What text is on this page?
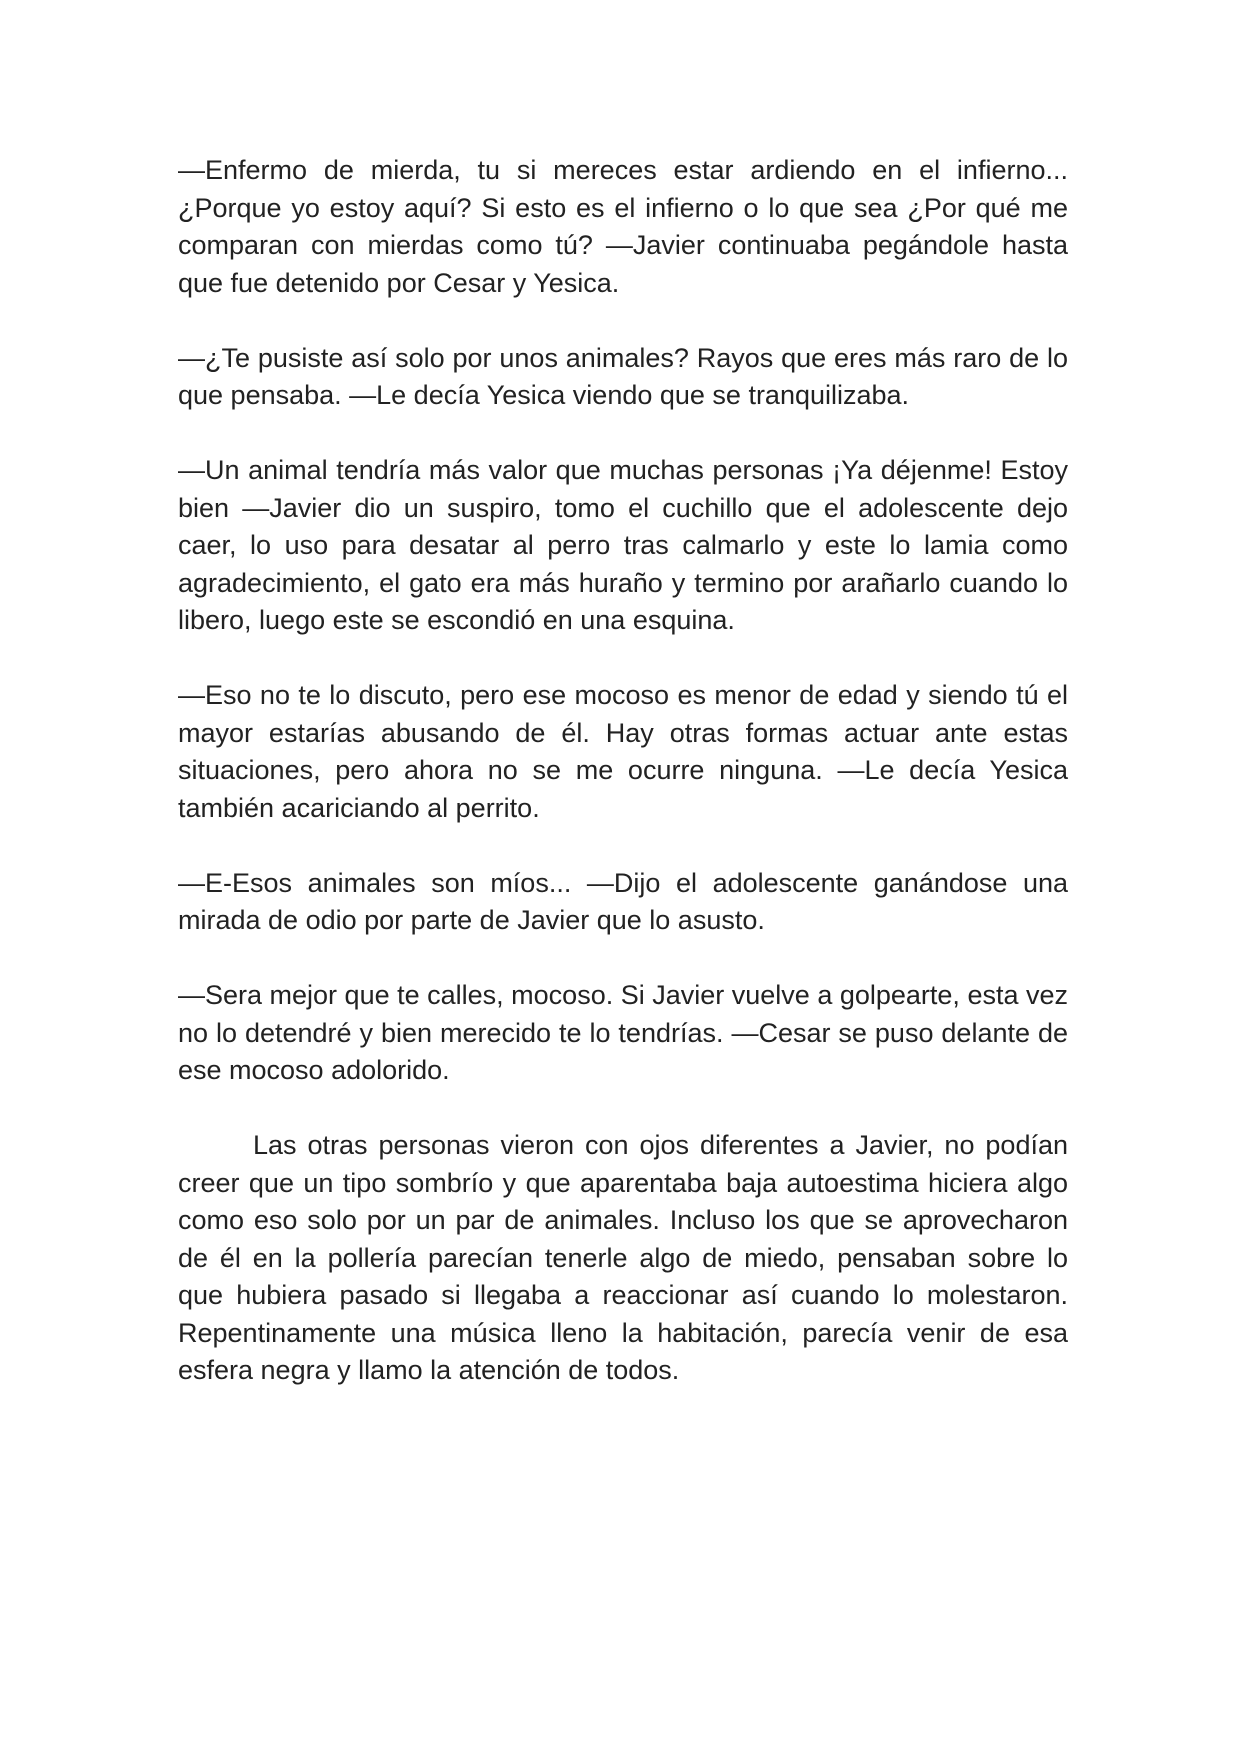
—Enfermo de mierda, tu si mereces estar ardiendo en el infierno... ¿Porque yo estoy aquí? Si esto es el infierno o lo que sea ¿Por qué me comparan con mierdas como tú? —Javier continuaba pegándole hasta que fue detenido por Cesar y Yesica.

—¿Te pusiste así solo por unos animales? Rayos que eres más raro de lo que pensaba. —Le decía Yesica viendo que se tranquilizaba.

—Un animal tendría más valor que muchas personas ¡Ya déjenme! Estoy bien —Javier dio un suspiro, tomo el cuchillo que el adolescente dejo caer, lo uso para desatar al perro tras calmarlo y este lo lamia como agradecimiento, el gato era más huraño y termino por arañarlo cuando lo libero, luego este se escondió en una esquina.

—Eso no te lo discuto, pero ese mocoso es menor de edad y siendo tú el mayor estarías abusando de él. Hay otras formas actuar ante estas situaciones, pero ahora no se me ocurre ninguna. —Le decía Yesica también acariciando al perrito.

—E-Esos animales son míos... —Dijo el adolescente ganándose una mirada de odio por parte de Javier que lo asusto.

—Sera mejor que te calles, mocoso. Si Javier vuelve a golpearte, esta vez no lo detendré y bien merecido te lo tendrías. —Cesar se puso delante de ese mocoso adolorido.

Las otras personas vieron con ojos diferentes a Javier, no podían creer que un tipo sombrío y que aparentaba baja autoestima hiciera algo como eso solo por un par de animales. Incluso los que se aprovecharon de él en la pollería parecían tenerle algo de miedo, pensaban sobre lo que hubiera pasado si llegaba a reaccionar así cuando lo molestaron. Repentinamente una música lleno la habitación, parecía venir de esa esfera negra y llamo la atención de todos.
